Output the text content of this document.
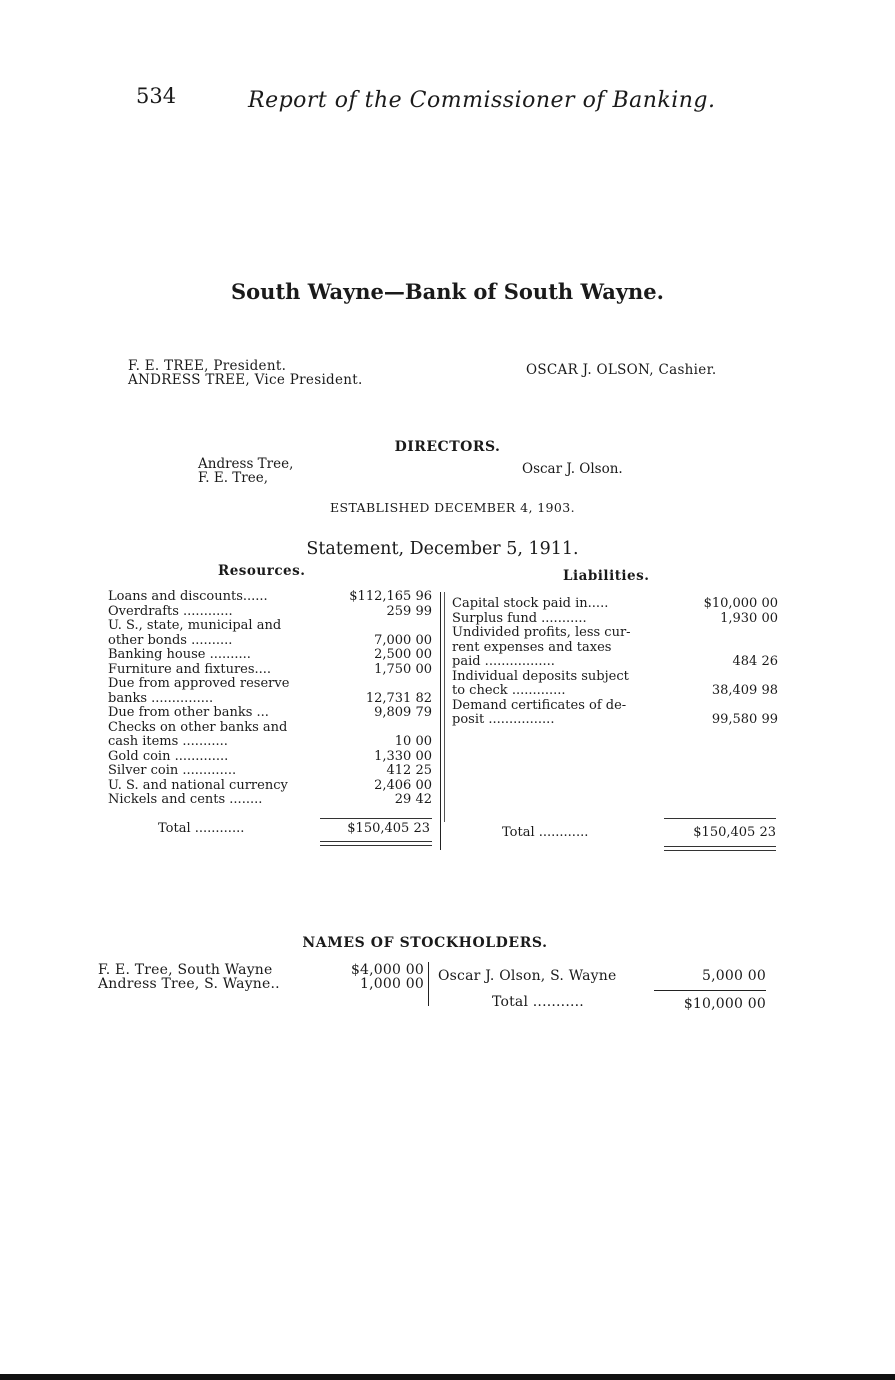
534	Report of the Commissioner of Banking.
South Wayne—Bank of South Wayne.
F. E. TREE, President.
ANDRESS TREE, Vice President.
OSCAR J. OLSON, Cashier.
DIRECTORS.
Andress Tree,
F. E. Tree,
Oscar J. Olson.
ESTABLISHED DECEMBER 4, 1903.
Statement, December 5, 1911.
Resources.	Liabilities.
Loans and discounts......	$112,165 96
Overdrafts ............	259 99
U. S., state, municipal and
other bonds ..........	7,000 00
Banking house ..........	2,500 00
Furniture and fixtures....	1,750 00
Due from approved reserve
banks ...............	12,731 82
Due from other banks ...	9,809 79
Checks on other banks and
cash items ...........	10 00
Gold coin .............	1,330 00
Silver coin .............	412 25
U. S. and national currency	2,406 00
Nickels and cents ........	29 42
Capital stock paid in.....	$10,000 00
Surplus fund ...........	1,930 00
Undivided profits, less cur-
rent expenses and taxes
paid .................	484 26
Individual deposits subject
to check .............	38,409 98
Demand certificates of de-
posit ................	99,580 99
Total ............	$150,405 23	Total ............	$150,405 23
NAMES OF STOCKHOLDERS.
F. E. Tree, South Wayne	$4,000 00
Andress Tree, S. Wayne..	1,000 00 Oscar J. Olson, S. Wayne	5,000 00
Total ...........	$10,000 00
